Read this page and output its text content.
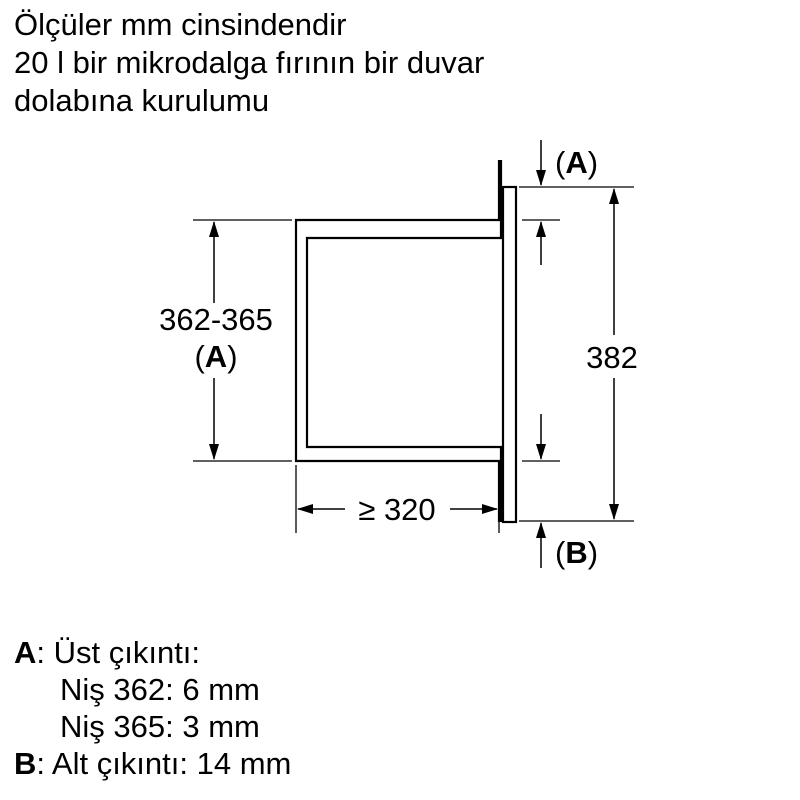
Ölçüler mm cinsindendir
20 l bir mikrodalga fırının bir duvar
dolabına kurulumu
362-365
(A)
≥ 320
382
(A)
(B)
A: Üst çıkıntı:
Niş 362: 6 mm
Niş 365: 3 mm
B: Alt çıkıntı: 14 mm
